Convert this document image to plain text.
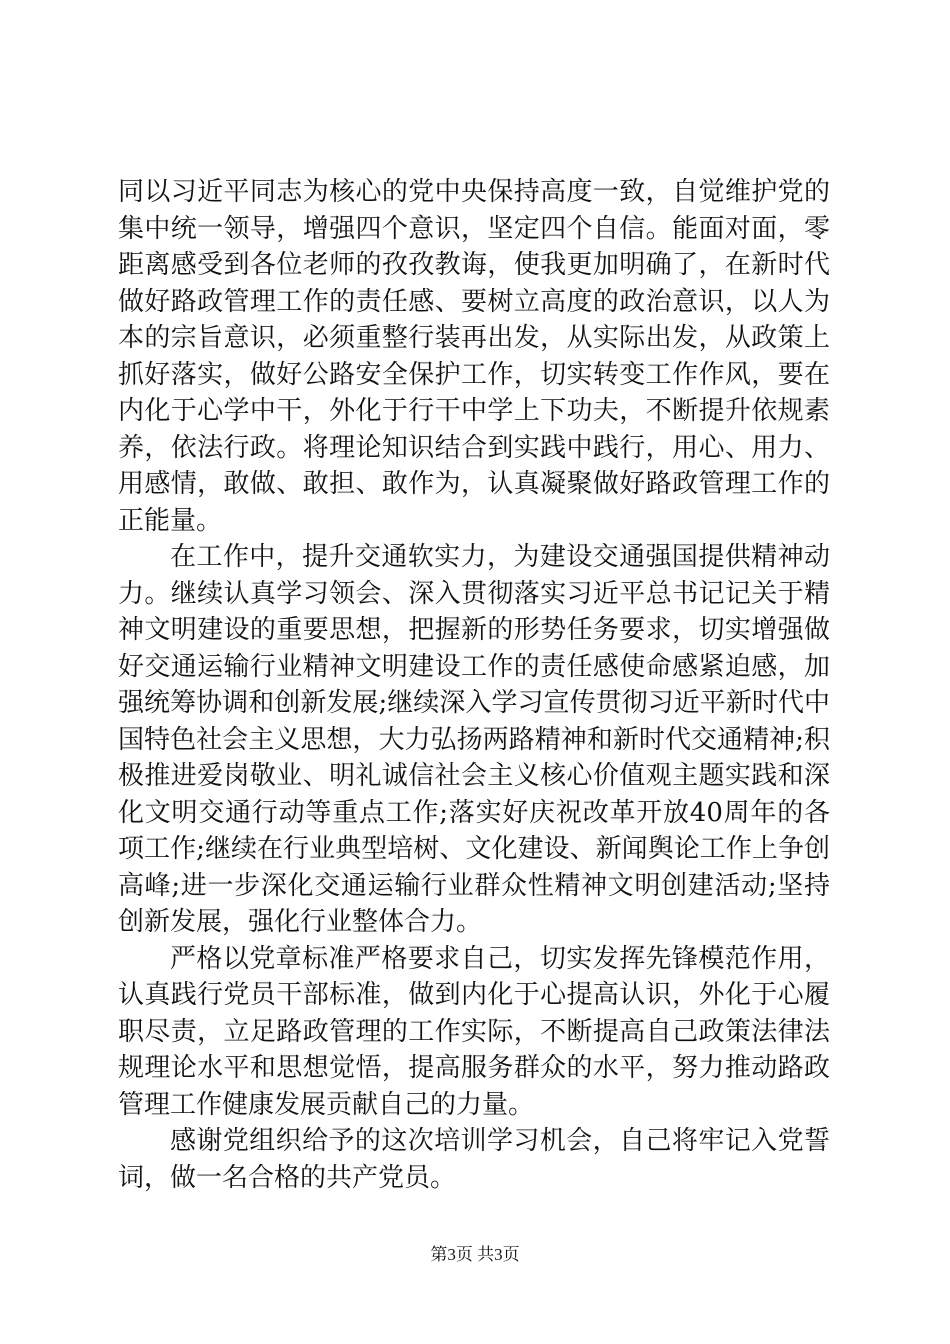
同以习近平同志为核心的党中央保持高度一致，自觉维护党的集中统一领导，增强四个意识，坚定四个自信。能面对面，零距离感受到各位老师的孜孜教诲，使我更加明确了，在新时代做好路政管理工作的责任感、要树立高度的政治意识，以人为本的宗旨意识，必须重整行装再出发，从实际出发，从政策上抓好落实，做好公路安全保护工作，切实转变工作作风，要在内化于心学中干，外化于行干中学上下功夫，不断提升依规素养，依法行政。将理论知识结合到实践中践行，用心、用力、用感情，敢做、敢担、敢作为，认真凝聚做好路政管理工作的正能量。

在工作中，提升交通软实力，为建设交通强国提供精神动力。继续认真学习领会、深入贯彻落实习近平总书记记关于精神文明建设的重要思想，把握新的形势任务要求，切实增强做好交通运输行业精神文明建设工作的责任感使命感紧迫感，加强统筹协调和创新发展;继续深入学习宣传贯彻习近平新时代中国特色社会主义思想，大力弘扬两路精神和新时代交通精神;积极推进爱岗敬业、明礼诚信社会主义核心价值观主题实践和深化文明交通行动等重点工作;落实好庆祝改革开放40周年的各项工作;继续在行业典型培树、文化建设、新闻舆论工作上争创高峰;进一步深化交通运输行业群众性精神文明创建活动;坚持创新发展，强化行业整体合力。

严格以党章标准严格要求自己，切实发挥先锋模范作用，认真践行党员干部标准，做到内化于心提高认识，外化于心履职尽责，立足路政管理的工作实际，不断提高自己政策法律法规理论水平和思想觉悟，提高服务群众的水平，努力推动路政管理工作健康发展贡献自己的力量。

感谢党组织给予的这次培训学习机会，自己将牢记入党誓词，做一名合格的共产党员。

第3页 共3页
